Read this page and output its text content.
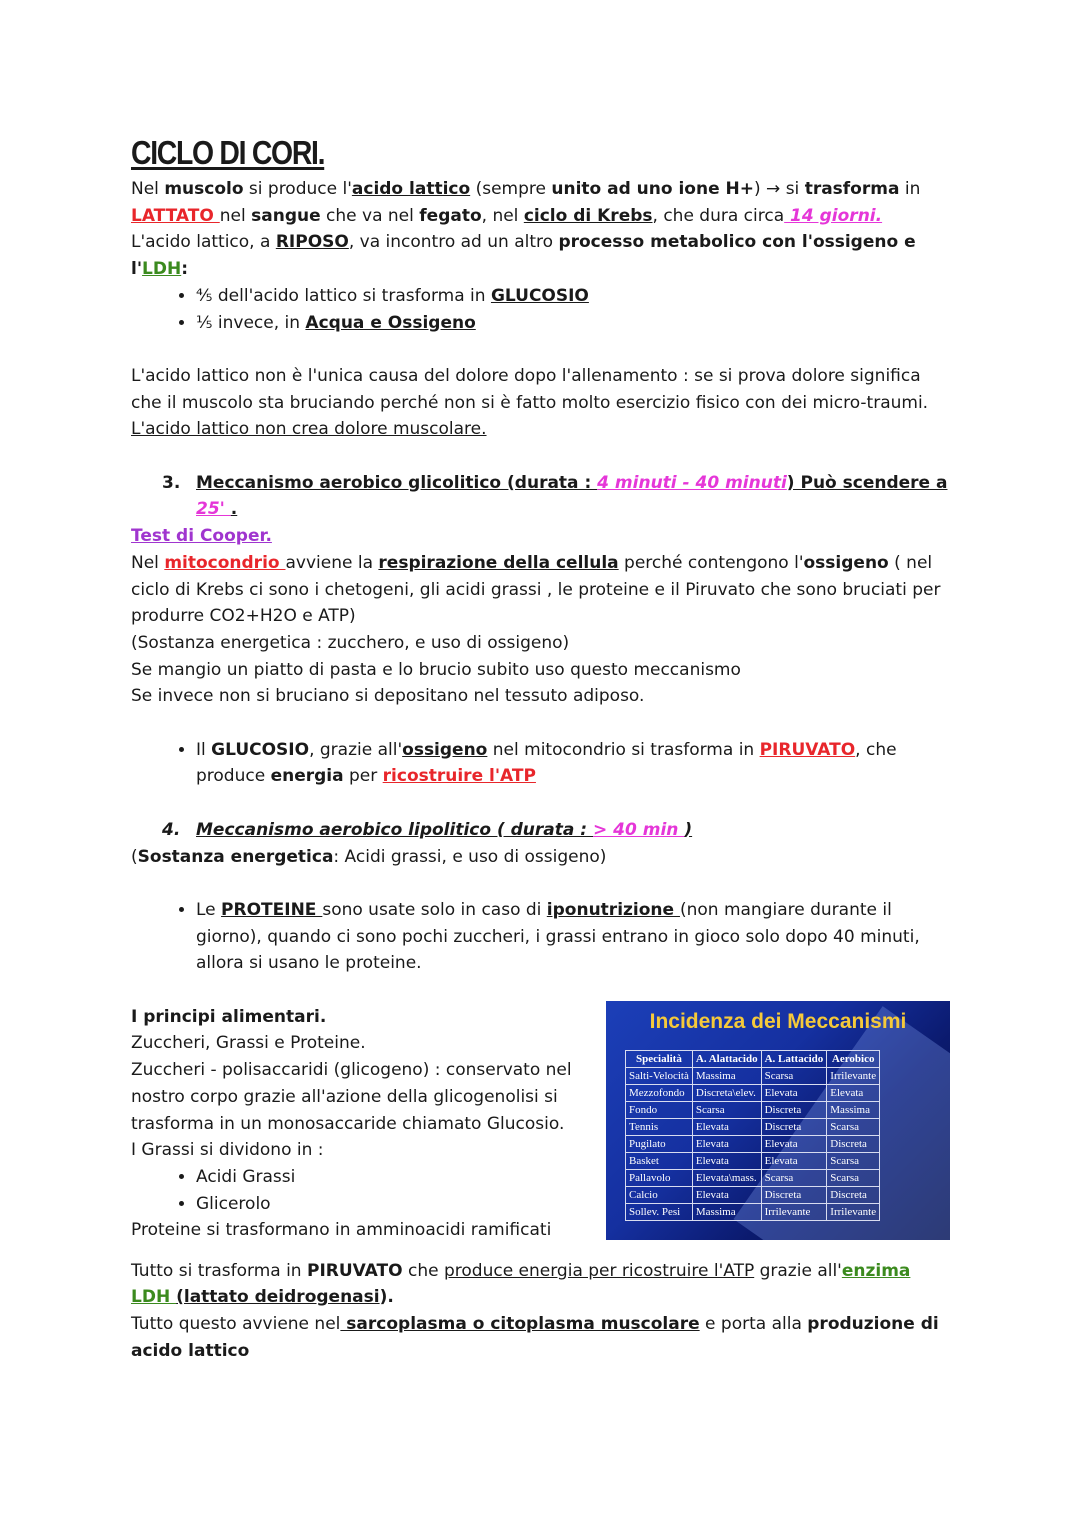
CICLO DI CORI.

Nel muscolo si produce l'acido lattico (sempre unito ad uno ione H+) → si trasforma in
LATTATO nel sangue che va nel fegato, nel ciclo di Krebs, che dura circa 14 giorni.

L'acido lattico, a RIPOSO, va incontro ad un altro processo metabolico con l'ossigeno e
l'LDH:

• ⅘ dell'acido lattico si trasforma in GLUCOSIO
• ⅕ invece, in Acqua e Ossigeno

L'acido lattico non è l'unica causa del dolore dopo l'allenamento : se si prova dolore significa che il muscolo sta bruciando perché non si è fatto molto esercizio fisico con dei micro-traumi.
L'acido lattico non crea dolore muscolare.

3. Meccanismo aerobico glicolitico (durata : 4 minuti - 40 minuti) Può scendere a
25' .

Test di Cooper.

Nel mitocondrio avviene la respirazione della cellula perché contengono l'ossigeno ( nel ciclo di Krebs ci sono i chetogeni, gli acidi grassi , le proteine e il Piruvato che sono bruciati per produrre CO2+H2O e ATP)
(Sostanza energetica : zucchero, e uso di ossigeno)
Se mangio un piatto di pasta e lo brucio subito uso questo meccanismo
Se invece non si bruciano si depositano nel tessuto adiposo.

• Il GLUCOSIO, grazie all'ossigeno nel mitocondrio si trasforma in PIRUVATO, che produce energia per ricostruire l'ATP
4. Meccanismo aerobico lipolitico ( durata : > 40 min )

(Sostanza energetica: Acidi grassi, e uso di ossigeno)

• Le PROTEINE sono usate solo in caso di iponutrizione (non mangiare durante il giorno), quando ci sono pochi zuccheri, i grassi entrano in gioco solo dopo 40 minuti, allora si usano le proteine.

I principi alimentari.

Zuccheri, Grassi e Proteine.

Zuccheri - polisaccaridi (glicogeno) : conservato nel nostro corpo grazie all'azione della glicogenolisi si trasforma in un monosaccaride chiamato Glucosio.

I Grassi si dividono in :

• Acidi Grassi
• Glicerolo

Proteine si trasformano in amminoacidi ramificati

Incidenza dei Meccanismi
Specialità	A. Alattacido	A. Lattacido	Aerobico
Salti-Velocità	Massima	Scarsa	Irrilevante
Mezzofondo	Discreta\elev.	Elevata	Elevata
Fondo	Scarsa	Discreta	Massima
Tennis	Elevata	Discreta	Scarsa
Pugilato	Elevata	Elevata	Discreta
Basket	Elevata	Elevata	Scarsa
Pallavolo	Elevata\mass.	Scarsa	Scarsa
Calcio	Elevata	Discreta	Discreta
Sollev. Pesi	Massima	Irrilevante	Irrilevante

Tutto si trasforma in PIRUVATO che produce energia per ricostruire l'ATP grazie all'enzima
LDH (lattato deidrogenasi).
Tutto questo avviene nel sarcoplasma o citoplasma muscolare e porta alla produzione di acido lattico
